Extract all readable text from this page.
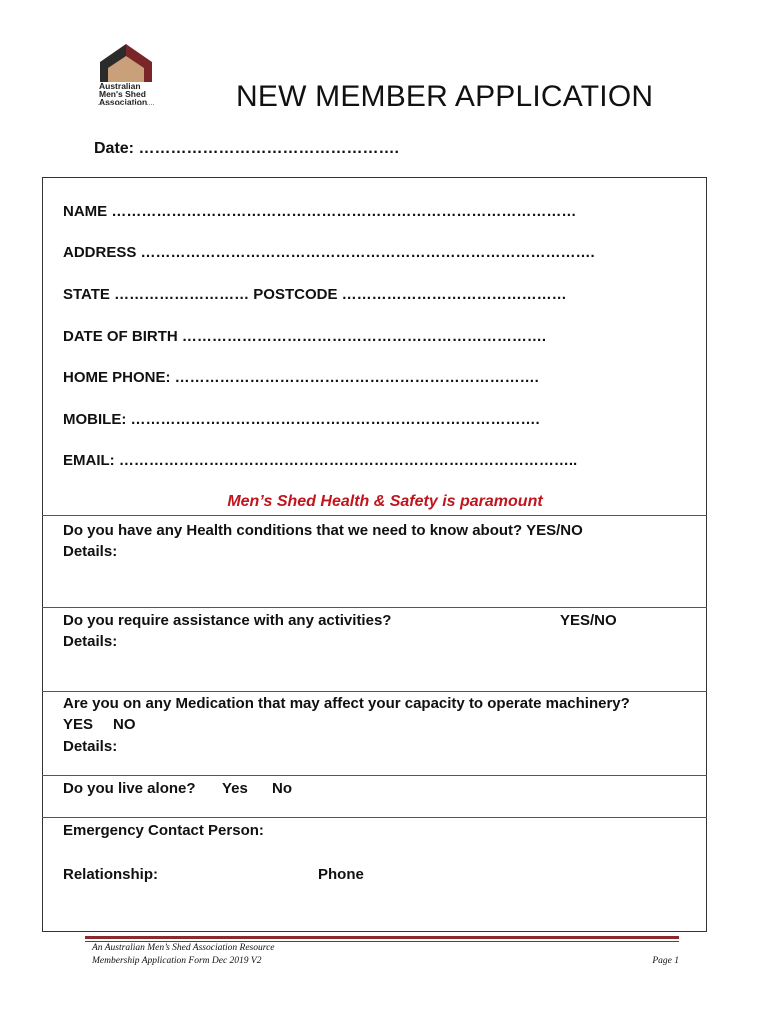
Australian
Men's Shed
Association	NEW MEMBER APPLICATION
Date: ………………………………………….
NAME …………………………………………………………………………………
ADDRESS ……………………………………………………………………………….
STATE ……………………… POSTCODE ………………………………………
DATE OF BIRTH ……………………………………………………………….
HOME PHONE: ……………………………………………………………….
MOBILE: ……………………………………………………………………….
EMAIL: ………………………………………………………………………………..
Men’s Shed Health & Safety is paramount
Do you have any Health conditions that we need to know about? YES/NO
Details:
Do you require assistance with any activities?	YES/NO
Details:
Are you on any Medication that may affect your capacity to operate machinery?
YES NO
Details:
Do you live alone? Yes No
Emergency Contact Person:
Relationship:	Phone
An Australian Men’s Shed Association Resource
Membership Application Form Dec 2019 V2	Page 1
